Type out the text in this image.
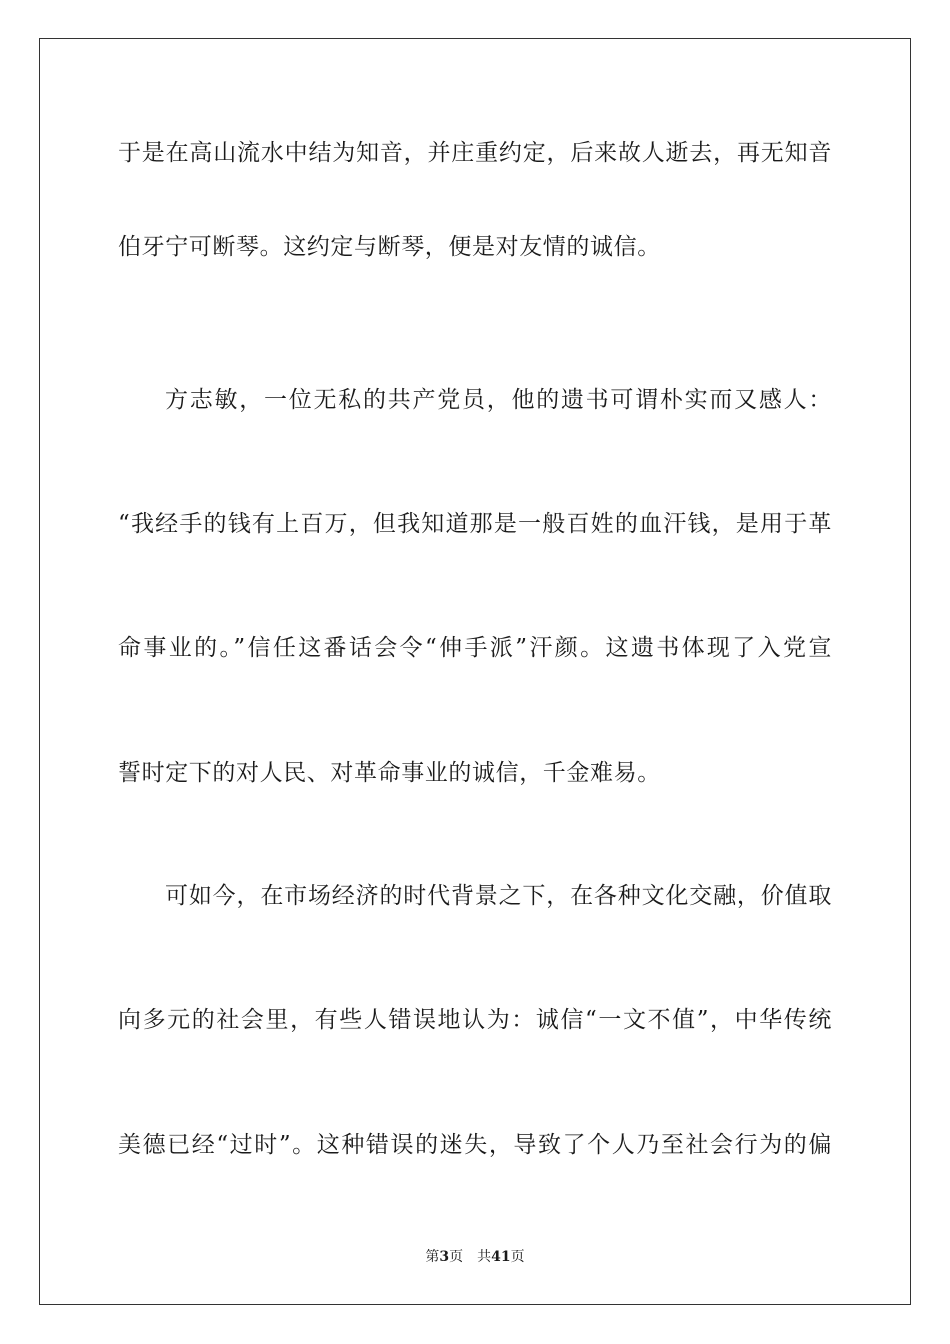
于是在高山流水中结为知音，并庄重约定，后来故人逝去，再无知音
伯牙宁可断琴。这约定与断琴，便是对友情的诚信。
方志敏，一位无私的共产党员，他的遗书可谓朴实而又感人：
“我经手的钱有上百万，但我知道那是一般百姓的血汗钱，是用于革
命事业的。”信任这番话会令“伸手派”汗颜。这遗书体现了入党宣
誓时定下的对人民、对革命事业的诚信，千金难易。
可如今，在市场经济的时代背景之下，在各种文化交融，价值取
向多元的社会里，有些人错误地认为：诚信“一文不值”，中华传统
美德已经“过时”。这种错误的迷失，导致了个人乃至社会行为的偏
第3页 共41页
